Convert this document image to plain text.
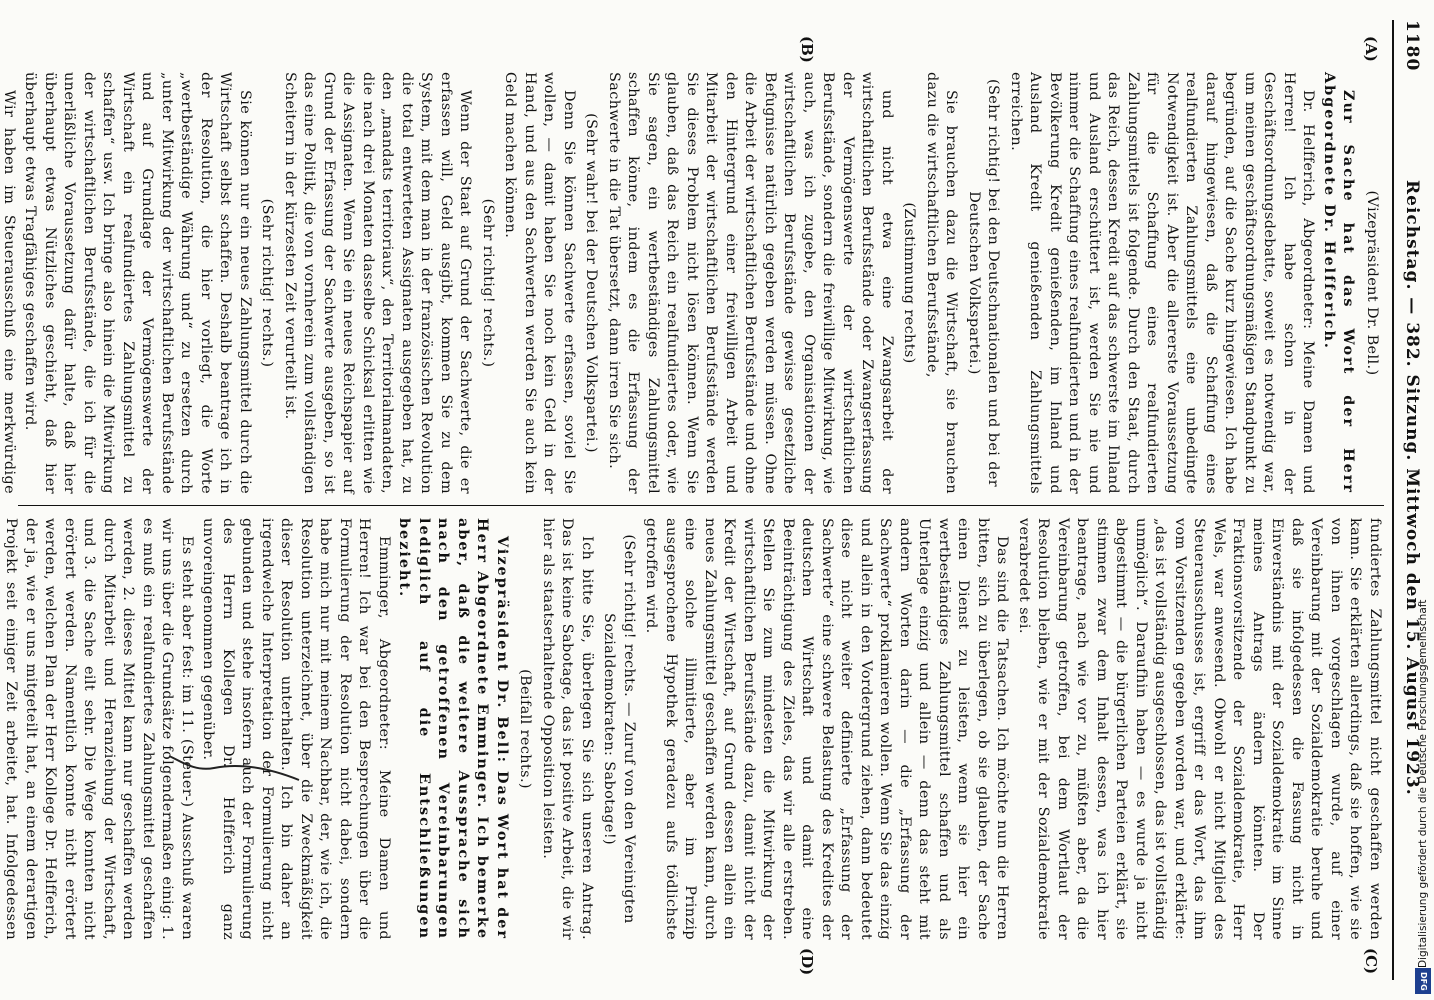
1180
Reichstag. — 382. Sitzung. Mittwoch den 15. August 1923.
(A)
(B)
(C)
(D)

(Vizepräsident Dr. Bell.)

Zur Sache hat das Wort der Herr Abgeordnete Dr. Helfferich.

Dr. Helfferich, Abgeordneter: Meine Damen und Herren! Ich habe schon in der Geschäftsordnungsdebatte, soweit es notwendig war, um meinen geschäftsordnungsmäßigen Standpunkt zu begründen, auf die Sache kurz hingewiesen. Ich habe darauf hingewiesen, daß die Schaffung eines realfundierten Zahlungsmittels eine unbedingte Notwendigkeit ist. Aber die allererste Voraussetzung für die Schaffung eines realfundierten Zahlungsmittels ist folgende. Durch den Staat, durch das Reich, dessen Kredit auf das schwerste im Inland und Ausland erschüttert ist, werden Sie nie und nimmer die Schaffung eines realfundierten und in der Bevölkerung Kredit genießenden, im Inland und Ausland Kredit genießenden Zahlungsmittels erreichen.

(Sehr richtig! bei den Deutschnationalen und bei der Deutschen Volkspartei.)

Sie brauchen dazu die Wirtschaft, sie brauchen dazu die wirtschaftlichen Berufsstände,

(Zustimmung rechts)

und nicht etwa eine Zwangsarbeit der wirtschaftlichen Berufsstände oder Zwangserfassung der Vermögenswerte der wirtschaftlichen Berufsstände, sondern die freiwillige Mitwirkung, wie auch, was ich zugebe, den Organisationen der wirtschaftlichen Berufsstände gewisse gesetzliche Befugnisse natürlich gegeben werden müssen. Ohne die Arbeit der wirtschaftlichen Berufsstände und ohne den Hintergrund einer freiwilligen Arbeit und Mitarbeit der wirtschaftlichen Berufsstände werden Sie dieses Problem nicht lösen können. Wenn Sie glauben, daß das Reich ein realfundiertes oder, wie Sie sagen, ein wertbeständiges Zahlungsmittel schaffen könne, indem es die Erfassung der Sachwerte in die Tat übersetzt, dann irren Sie sich.

(Sehr wahr! bei der Deutschen Volkspartei.)

Denn Sie können Sachwerte erfassen, soviel Sie wollen, — damit haben Sie noch kein Geld in der Hand, und aus den Sachwerten werden Sie auch kein Geld machen können.

(Sehr richtig! rechts.)

Wenn der Staat auf Grund der Sachwerte, die er erfassen will, Geld ausgibt, kommen Sie zu dem System, mit dem man in der französischen Revolution die total entwerteten Assignaten ausgegeben hat, zu den „mandats territoriaux“, den Territorialmandaten, die nach drei Monaten dasselbe Schicksal erlitten wie die Assignaten. Wenn Sie ein neues Reichspapier auf Grund der Erfassung der Sachwerte ausgeben, so ist das eine Politik, die von vornherein zum vollständigen Scheitern in der kürzesten Zeit verurteilt ist.

(Sehr richtig! rechts.)

Sie können nur ein neues Zahlungsmittel durch die Wirtschaft selbst schaffen. Deshalb beantrage ich in der Resolution, die hier vorliegt, die Worte „wertbeständige Währung und“ zu ersetzen durch „unter Mitwirkung der wirtschaftlichen Berufsstände und auf Grundlage der Vermögenswerte der Wirtschaft ein realfundiertes Zahlungsmittel zu schaffen“ usw. Ich bringe also hinein die Mitwirkung der wirtschaftlichen Berufsstände, die ich für die unerläßliche Voraussetzung dafür halte, daß hier überhaupt etwas Nützliches geschieht, daß hier überhaupt etwas Tragfähiges geschaffen wird.

Wir haben im Steuerausschuß eine merkwürdige

fundiertes Zahlungsmittel nicht geschaffen werden kann. Sie erklärten allerdings, daß sie hoffen, wie sie von ihnen vorgeschlagen wurde, auf einer Vereinbarung mit der Sozialdemokratie beruhe und daß sie infolgedessen die Fassung nicht in Einverständnis mit der Sozialdemokratie im Sinne meines Antrags ändern könnten. Der Fraktionsvorsitzende der Sozialdemokratie, Herr Wels, war anwesend. Obwohl er nicht Mitglied des Steuerausschusses ist, ergriff er das Wort, das ihm vom Vorsitzenden gegeben worden war, und erklärte: „das ist vollständig ausgeschlossen, das ist vollständig unmöglich“. Daraufhin haben — es wurde ja nicht abgestimmt — die bürgerlichen Parteien erklärt, sie stimmen zwar dem Inhalt dessen, was ich hier beantrage, nach wie vor zu, müßten aber, da die Vereinbarung getroffen, bei dem Wortlaut der Resolution bleiben, wie er mit der Sozialdemokratie verabredet sei.

Das sind die Tatsachen. Ich möchte nun die Herren bitten, sich zu überlegen, ob sie glauben, der Sache einen Dienst zu leisten, wenn sie hier ein wertbeständiges Zahlungsmittel schaffen und als Unterlage einzig und allein — denn das steht mit andern Worten darin — die „Erfassung der Sachwerte“ proklamieren wollen. Wenn Sie das einzig und allein in den Vordergrund ziehen, dann bedeutet diese nicht weiter definierte „Erfassung der Sachwerte“ eine schwere Belastung des Kredites der deutschen Wirtschaft und damit eine Beeinträchtigung des Zieles, das wir alle erstreben. Stellen Sie zum mindesten die Mitwirkung der wirtschaftlichen Berufsstände dazu, damit nicht der Kredit der Wirtschaft, auf Grund dessen allein ein neues Zahlungsmittel geschaffen werden kann, durch eine solche illimitierte, aber im Prinzip ausgesprochene Hypothek geradezu aufs tödlichste getroffen wird.

(Sehr richtig! rechts. — Zuruf von den Vereinigten Sozialdemokraten: Sabotage!)

Ich bitte Sie, überlegen Sie sich unseren Antrag. Das ist keine Sabotage, das ist positive Arbeit, die wir hier als staatserhaltende Opposition leisten.

(Beifall rechts.)

Vizepräsident Dr. Bell: Das Wort hat der Herr Abgeordnete Emminger. Ich bemerke aber, daß die weitere Aussprache sich nach den getroffenen Vereinbarungen lediglich auf die Entschließungen bezieht.

Emminger, Abgeordneter: Meine Damen und Herren! Ich war bei den Besprechungen über die Formulierung der Resolution nicht dabei, sondern habe mich nur mit meinem Nachbar, der, wie ich, die Resolution unterzeichnet, über die Zweckmäßigkeit dieser Resolution unterhalten. Ich bin daher an irgendwelche Interpretation der Formulierung nicht gebunden und stehe insofern auch der Formulierung des Herrn Kollegen Dr. Helfferich ganz unvoreingenommen gegenüber.

Es steht aber fest: im 11. (Steuer-) Ausschuß waren wir uns über die Grundsätze folgendermaßen einig: 1. es muß ein realfundiertes Zahlungsmittel geschaffen werden, 2. dieses Mittel kann nur geschaffen werden durch Mitarbeit und Heranziehung der Wirtschaft, und 3. die Sache eilt sehr. Die Wege konnten nicht erörtert werden. Namentlich konnte nicht erörtert werden, welchen Plan der Herr Kollege Dr. Helfferich, der ja, wie er uns mitgeteilt hat, an einem derartigen Projekt seit einiger Zeit arbeitet, hat. Infolgedessen	Digitalisierung gefördert durch die Deutsche Forschungsgemeinschaft
DFG
